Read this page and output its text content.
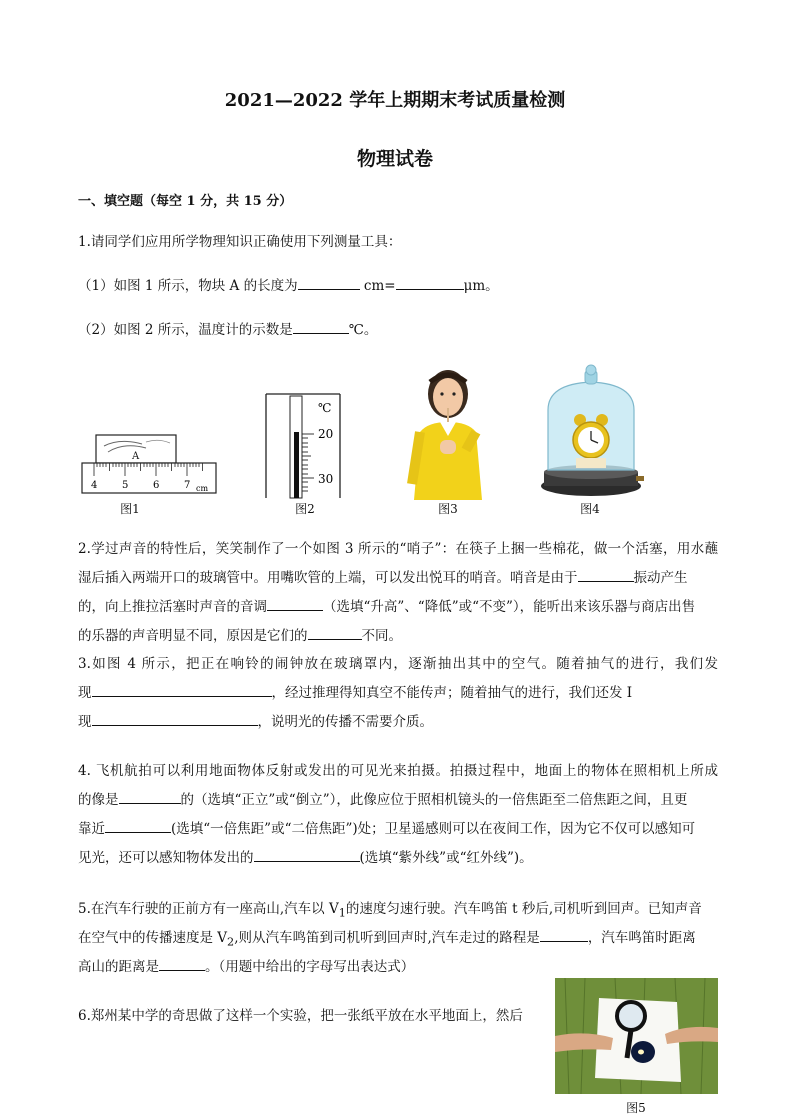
2021—2022 学年上期期末考试质量检测
物理试卷
一、填空题（每空 1 分，共 15 分）
1.请同学们应用所学物理知识正确使用下列测量工具：
（1）如图 1 所示，物块 A 的长度为	cm=	μm。
（2）如图 2 所示，温度计的示数是	℃。
A
4 5 6 7 cm
图1
℃
20
30
图2	图3	图4
2.学过声音的特性后，笑笑制作了一个如图 3 所示的“哨子”：在筷子上捆一些棉花，做一个活塞，用水蘸
湿后插入两端开口的玻璃管中。用嘴吹管的上端，可以发出悦耳的哨音。哨音是由于	振动产生
的，向上推拉活塞时声音的音调	（选填“升高”、“降低”或“不变”），能听出来该乐器与商店出售
的乐器的声音明显不同，原因是它们的	不同。
3.如图 4 所示，把正在响铃的闹钟放在玻璃罩内，逐渐抽出其中的空气。随着抽气的进行，我们发
现	，经过推理得知真空不能传声；随着抽气的进行，我们还发 I
现	，说明光的传播不需要介质。
4. 飞机航拍可以利用地面物体反射或发出的可见光来拍摄。拍摄过程中，地面上的物体在照相机上所成
的像是	的（选填“正立”或“倒立”），此像应位于照相机镜头的一倍焦距至二倍焦距之间，且更
靠近	(选填“一倍焦距”或“二倍焦距”)处；卫星遥感则可以在夜间工作，因为它不仅可以感知可
见光，还可以感知物体发出的	(选填“紫外线”或“红外线”)。
5.在汽车行驶的正前方有一座高山,汽车以 $V_1$的速度匀速行驶。汽车鸣笛 t 秒后,司机听到回声。已知声音
在空气中的传播速度是 $V_2$,则从汽车鸣笛到司机听到回声时,汽车走过的路程是	，汽车鸣笛时距离
高山的距离是	。（用题中给出的字母写出表达式）
6.郑州某中学的奇思做了这样一个实验，把一张纸平放在水平地面上，然后
图5
